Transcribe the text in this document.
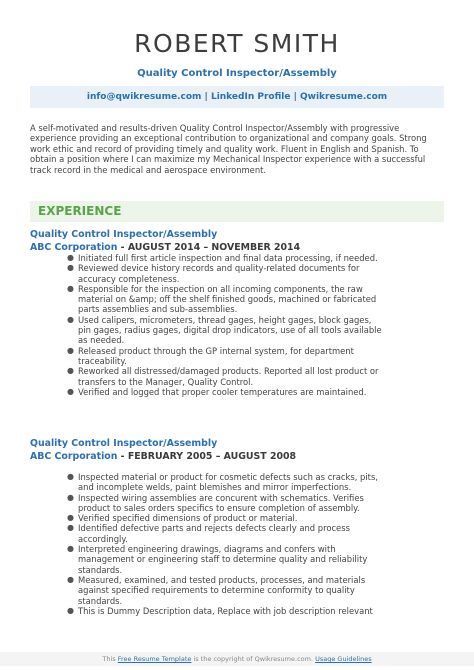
ROBERT SMITH
Quality Control Inspector/Assembly
info@qwikresume.com | LinkedIn Profile | Qwikresume.com

A self-motivated and results-driven Quality Control Inspector/Assembly with progressive experience providing an exceptional contribution to organizational and company goals. Strong work ethic and record of providing timely and quality work. Fluent in English and Spanish. To obtain a position where I can maximize my Mechanical Inspector experience with a successful track record in the medical and aerospace environment.

EXPERIENCE

Quality Control Inspector/Assembly

ABC Corporation - AUGUST 2014 – NOVEMBER 2014

● Initiated full first article inspection and final data processing, if needed.
● Reviewed device history records and quality-related documents for accuracy completeness.
● Responsible for the inspection on all incoming components, the raw material on &amp; off the shelf finished goods, machined or fabricated parts assemblies and sub-assemblies.
● Used calipers, micrometers, thread gages, height gages, block gages, pin gages, radius gages, digital drop indicators, use of all tools available as needed.
● Released product through the GP internal system, for department traceability.
● Reworked all distressed/damaged products. Reported all lost product or transfers to the Manager, Quality Control.
● Verified and logged that proper cooler temperatures are maintained.

Quality Control Inspector/Assembly

ABC Corporation - FEBRUARY 2005 – AUGUST 2008

● Inspected material or product for cosmetic defects such as cracks, pits, and incomplete welds, paint blemishes and mirror imperfections.
● Inspected wiring assemblies are concurent with schematics. Verifies product to sales orders specifics to ensure completion of assembly.
● Verified specified dimensions of product or material.
● Identified defective parts and rejects defects clearly and process accordingly.
● Interpreted engineering drawings, diagrams and confers with management or engineering staff to determine quality and reliability standards.
● Measured, examined, and tested products, processes, and materials against specified requirements to determine conformity to quality standards.
● This is Dummy Description data, Replace with job description relevant
This Free Resume Template is the copyright of Qwikresume.com. Usage Guidelines
